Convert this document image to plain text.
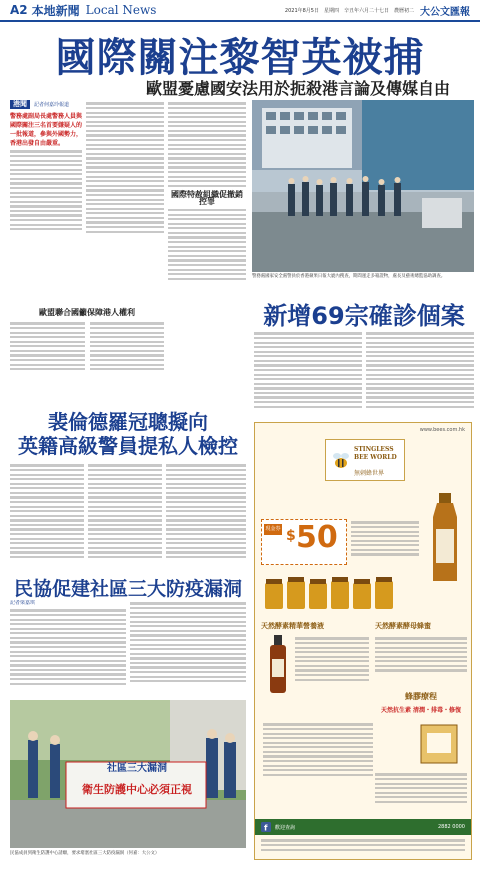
A2 本地新聞 Local News	2021年8月5日　星期四　辛丑年六月二十七日　農曆初二 大公文匯報
國際關注黎智英被捕
歐盟憂慮國安法用於扼殺港言論及傳媒自由
港聞 記者何嘉玲報道
警務處副局長處警務人員與國際關注三名首要嫌疑人的一批報道，參與外國勢力，香港出發自由嚴重。
歐盟聯合國籲保障港人權利
國際特赦組織促撤銷控罪
警務處國家安全處警員於香港蘋果日報大廈內搜查，期間運走多箱證物，處長及藝術總監協助調查。
新增69宗確診個案
裴倫德羅冠聰擬向
英籍高級警員提私人檢控
民協促建社區三大防疫漏洞
記者梁嘉琪
社區三大漏洞
衛生防護中心必須正視
民協成員到衛生防護中心請願，要求堵塞社區三大防疫漏洞（何嘉：大公文）
www.bees.com.hk
STINGLESS BEE WORLD
無刺蜂世界
現金券 $ 50
天然酵素精華營養液	天然酵素酵母蜂蜜
蜂膠療程
天然抗生素 清潤・排毒・修復
f 歡迎查詢	2882 0000
